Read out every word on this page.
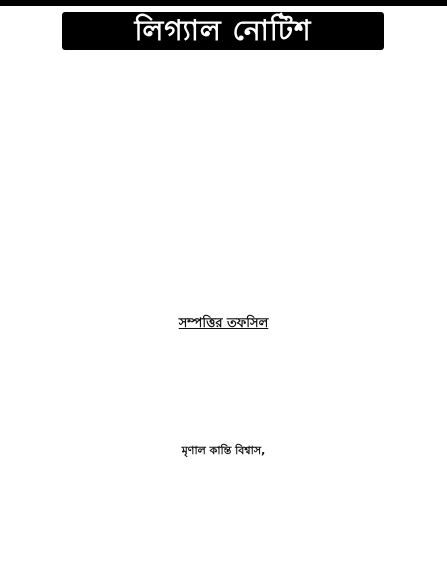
লিগ্যাল নোটিশ

সম্পত্তির তফসিল

মৃণাল কান্তি বিশ্বাস,
